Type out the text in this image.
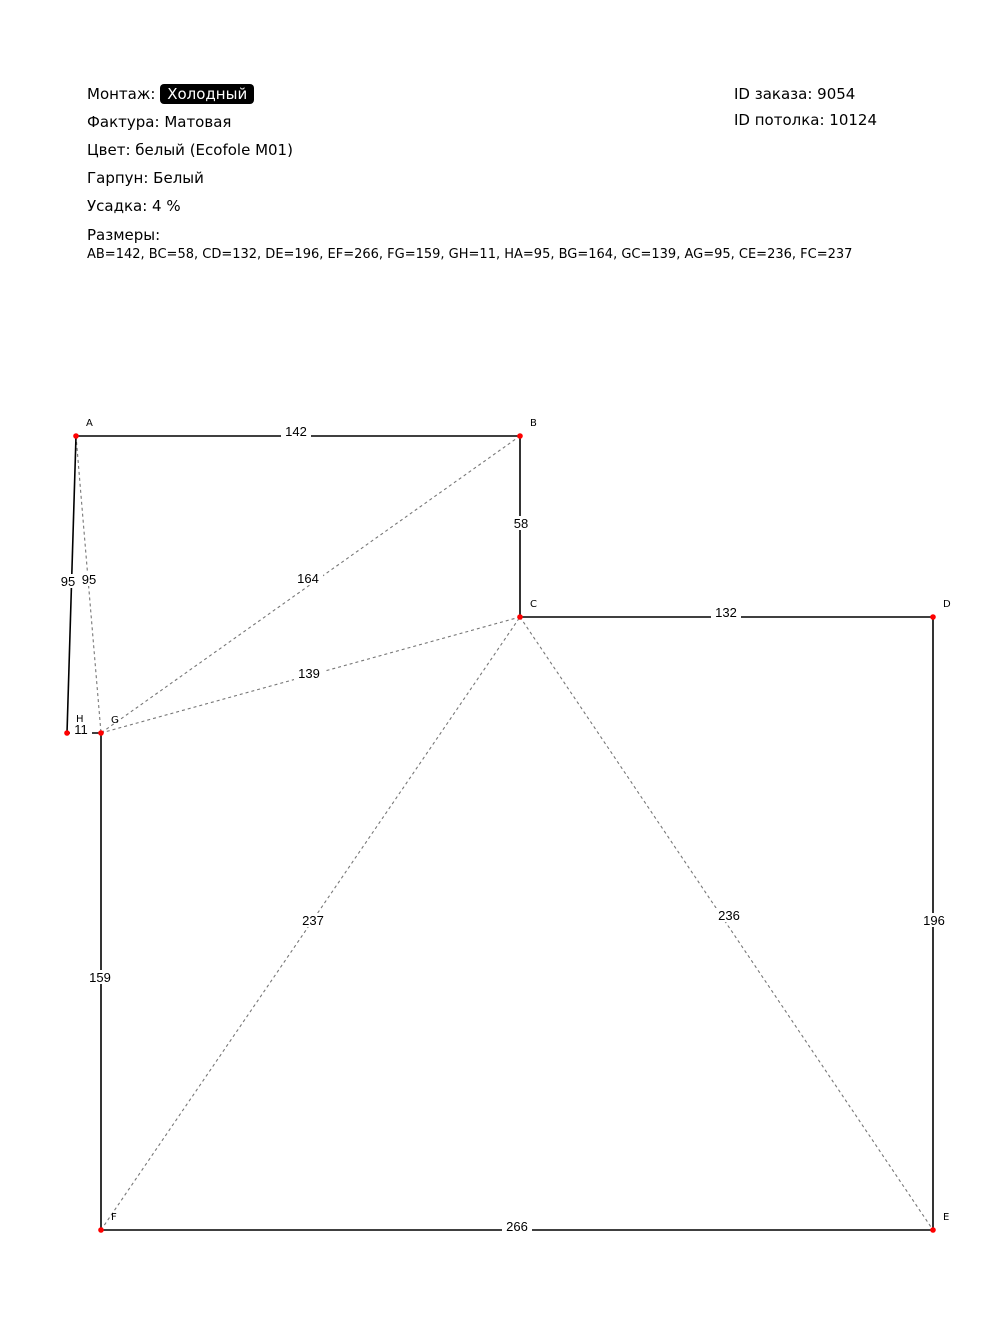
Монтаж: Холодный
Фактура: Матовая
Цвет: белый (Ecofole M01)
Гарпун: Белый
Усадка: 4 %
ID заказа: 9054
ID потолка: 10124
Размеры:
AB=142, BC=58, CD=132, DE=196, EF=266, FG=159, GH=11, HA=95, BG=164, GC=139, AG=95, CE=236, FC=237
164
139
95
236
237
142
58
132
196
266
159
11
95
A	B
C	D
E
F
G
H
